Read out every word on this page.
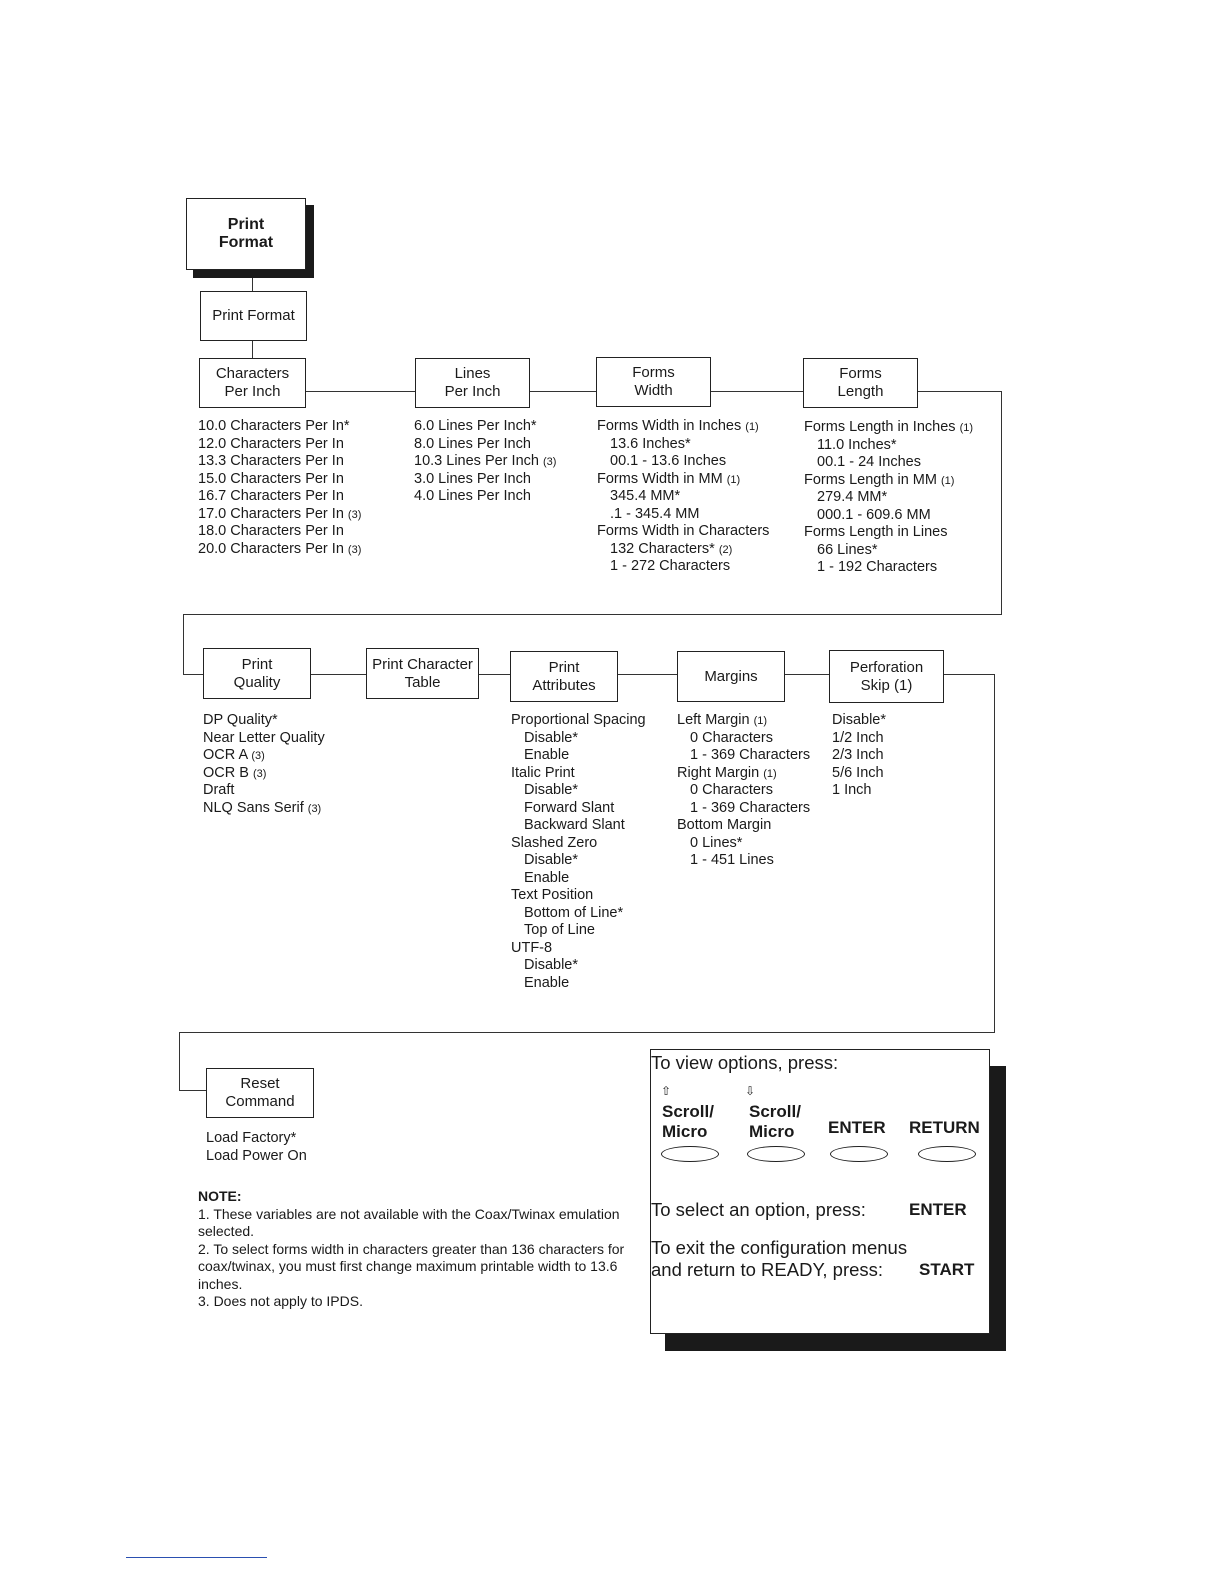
Print
Format
Print Format
Characters
Per Inch
Lines
Per Inch
Forms
Width
Forms
Length
10.0 Characters Per In*
12.0 Characters Per In
13.3 Characters Per In
15.0 Characters Per In
16.7 Characters Per In
17.0 Characters Per In (3)
18.0 Characters Per In
20.0 Characters Per In (3)
6.0 Lines Per Inch*
8.0 Lines Per Inch
10.3 Lines Per Inch (3)
3.0 Lines Per Inch
4.0 Lines Per Inch
Forms Width in Inches (1)
13.6 Inches*
00.1 - 13.6 Inches
Forms Width in MM (1)
345.4 MM*
.1 - 345.4 MM
Forms Width in Characters
132 Characters* (2)
1 - 272 Characters
Forms Length in Inches (1)
11.0 Inches*
00.1 - 24 Inches
Forms Length in MM (1)
279.4 MM*
000.1 - 609.6 MM
Forms Length in Lines
66 Lines*
1 - 192 Characters
Print
Quality
Print Character
Table
Print
Attributes
Margins
Perforation
Skip (1)
DP Quality*
Near Letter Quality
OCR A (3)
OCR B (3)
Draft
NLQ Sans Serif (3)
Proportional Spacing
Disable*
Enable
Italic Print
Disable*
Forward Slant
Backward Slant
Slashed Zero
Disable*
Enable
Text Position
Bottom of Line*
Top of Line
UTF-8
Disable*
Enable
Left Margin (1)
0 Characters
1 - 369 Characters
Right Margin (1)
0 Characters
1 - 369 Characters
Bottom Margin
0 Lines*
1 - 451 Lines
Disable*
1/2 Inch
2/3 Inch
5/6 Inch
1 Inch
Reset
Command
Load Factory*
Load Power On
NOTE:
1. These variables are not available with the Coax/Twinax emulation selected.
2. To select forms width in characters greater than 136 characters for coax/twinax, you must first change maximum printable width to 13.6 inches.
3. Does not apply to IPDS.
To view options, press:
⇧
Scroll/
Micro
⇩
Scroll/
Micro	ENTER RETURN
To select an option, press:	ENTER
To exit the configuration menus
and return to READY, press: START
